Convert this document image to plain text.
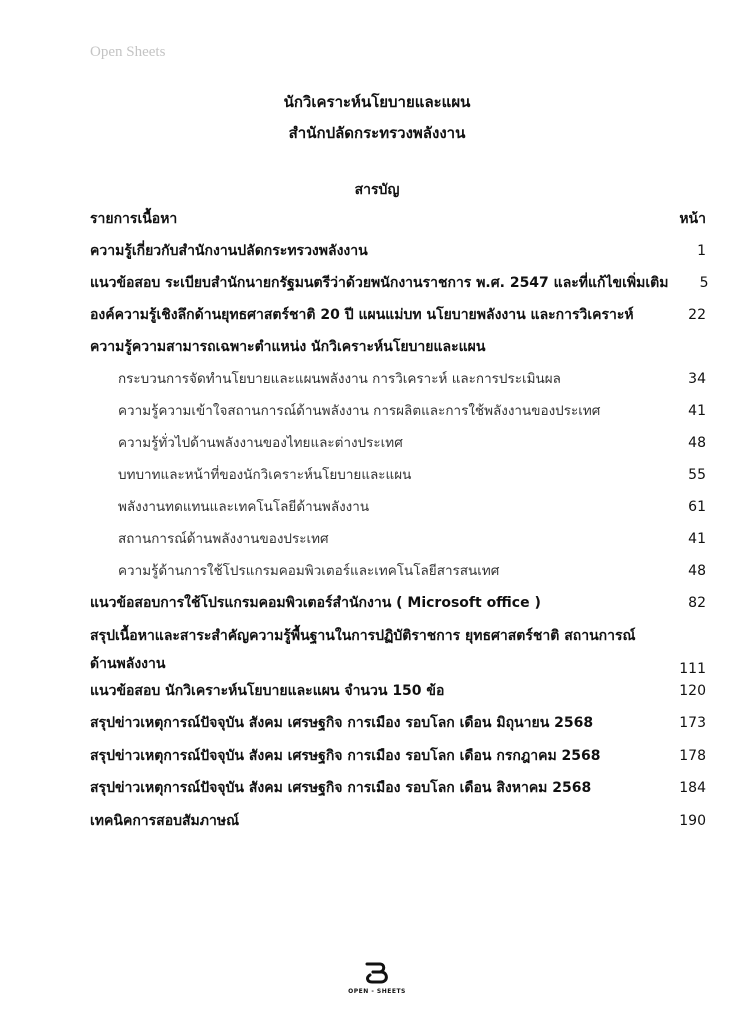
Open Sheets
นักวิเคราะห์นโยบายและแผน
สำนักปลัดกระทรวงพลังงาน
สารบัญ
รายการเนื้อหา	หน้า
ความรู้เกี่ยวกับสำนักงานปลัดกระทรวงพลังงาน	1
แนวข้อสอบ ระเบียบสำนักนายกรัฐมนตรีว่าด้วยพนักงานราชการ พ.ศ. 2547 และที่แก้ไขเพิ่มเติม	5
องค์ความรู้เชิงลึกด้านยุทธศาสตร์ชาติ 20 ปี แผนแม่บท นโยบายพลังงาน และการวิเคราะห์	22
ความรู้ความสามารถเฉพาะตำแหน่ง นักวิเคราะห์นโยบายและแผน
กระบวนการจัดทำนโยบายและแผนพลังงาน การวิเคราะห์ และการประเมินผล	34
ความรู้ความเข้าใจสถานการณ์ด้านพลังงาน การผลิตและการใช้พลังงานของประเทศ	41
ความรู้ทั่วไปด้านพลังงานของไทยและต่างประเทศ	48
บทบาทและหน้าที่ของนักวิเคราะห์นโยบายและแผน	55
พลังงานทดแทนและเทคโนโลยีด้านพลังงาน	61
สถานการณ์ด้านพลังงานของประเทศ	41
ความรู้ด้านการใช้โปรแกรมคอมพิวเตอร์และเทคโนโลยีสารสนเทศ	48
แนวข้อสอบการใช้โปรแกรมคอมพิวเตอร์สำนักงาน ( Microsoft office )	82
สรุปเนื้อหาและสาระสำคัญความรู้พื้นฐานในการปฏิบัติราชการ ยุทธศาสตร์ชาติ สถานการณ์ด้านพลังงาน	111
แนวข้อสอบ นักวิเคราะห์นโยบายและแผน จำนวน 150 ข้อ	120
สรุปข่าวเหตุการณ์ปัจจุบัน สังคม เศรษฐกิจ การเมือง รอบโลก เดือน มิถุนายน 2568	173
สรุปข่าวเหตุการณ์ปัจจุบัน สังคม เศรษฐกิจ การเมือง รอบโลก เดือน กรกฎาคม 2568	178
สรุปข่าวเหตุการณ์ปัจจุบัน สังคม เศรษฐกิจ การเมือง รอบโลก เดือน สิงหาคม 2568	184
เทคนิคการสอบสัมภาษณ์	190
OPEN - SHEETS
